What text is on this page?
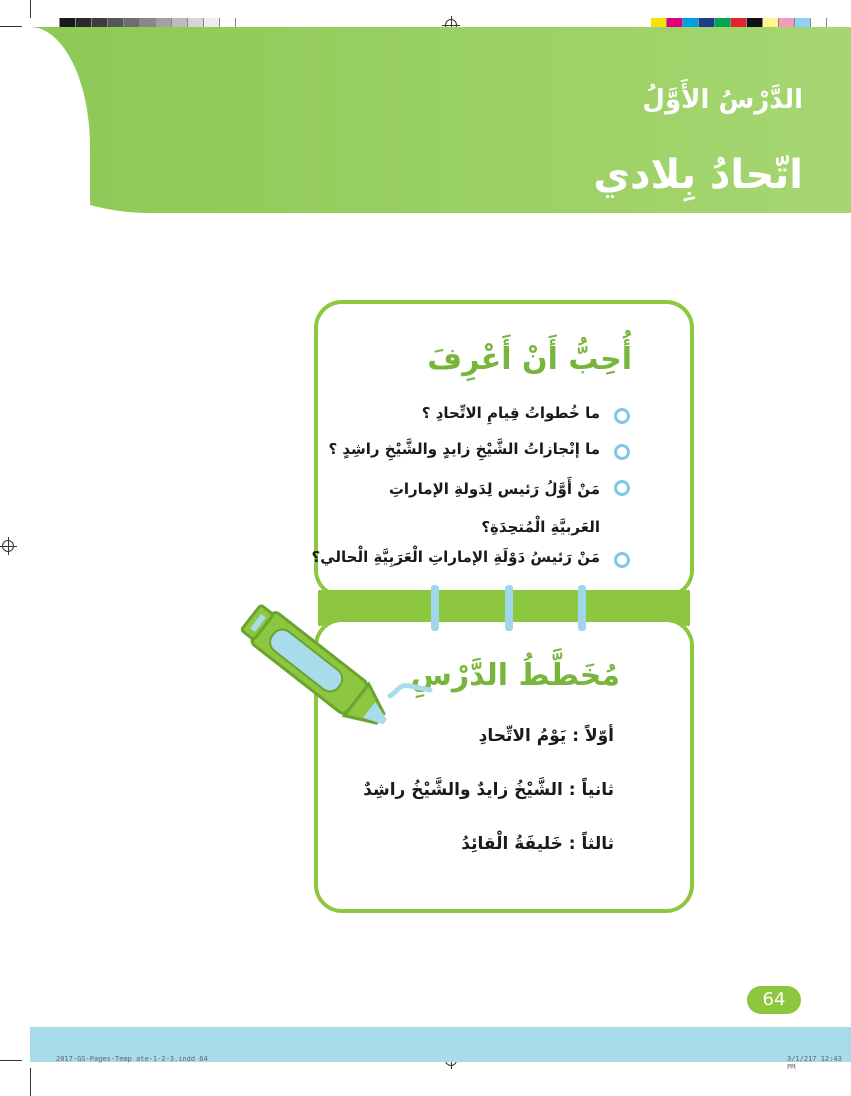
الدَّرْسُ الأَوَّلُ
اتّحادُ بِلادي
أُحِبُّ أَنْ أَعْرِفَ
ما خُطواتُ قِيامِ الاتِّحادِ ؟
ما إنْجازاتُ الشَّيْخِ زايدٍ والشَّيْخِ راشِدٍ ؟
مَنْ أَوَّلُ رَئيس لِدَولةِ الإماراتِ العَربيَّةِ الْمُتحِدَةِ؟
مَنْ رَئيسُ دَوْلَةِ الإماراتِ الْعَرَبِيَّةِ الْحالي؟
مُخَطَّطُ الدَّرْسِ
أوّلاً : يَوْمُ الاتِّحادِ
ثانياً : الشَّيْخُ زايدٌ والشَّيْخُ راشِدٌ
ثالثاً : خَليفَةُ الْقائِدُ
64
2017-GS-Pages-Temp ate-1-2-3.indd 64	3/1/217 12:43 PM
